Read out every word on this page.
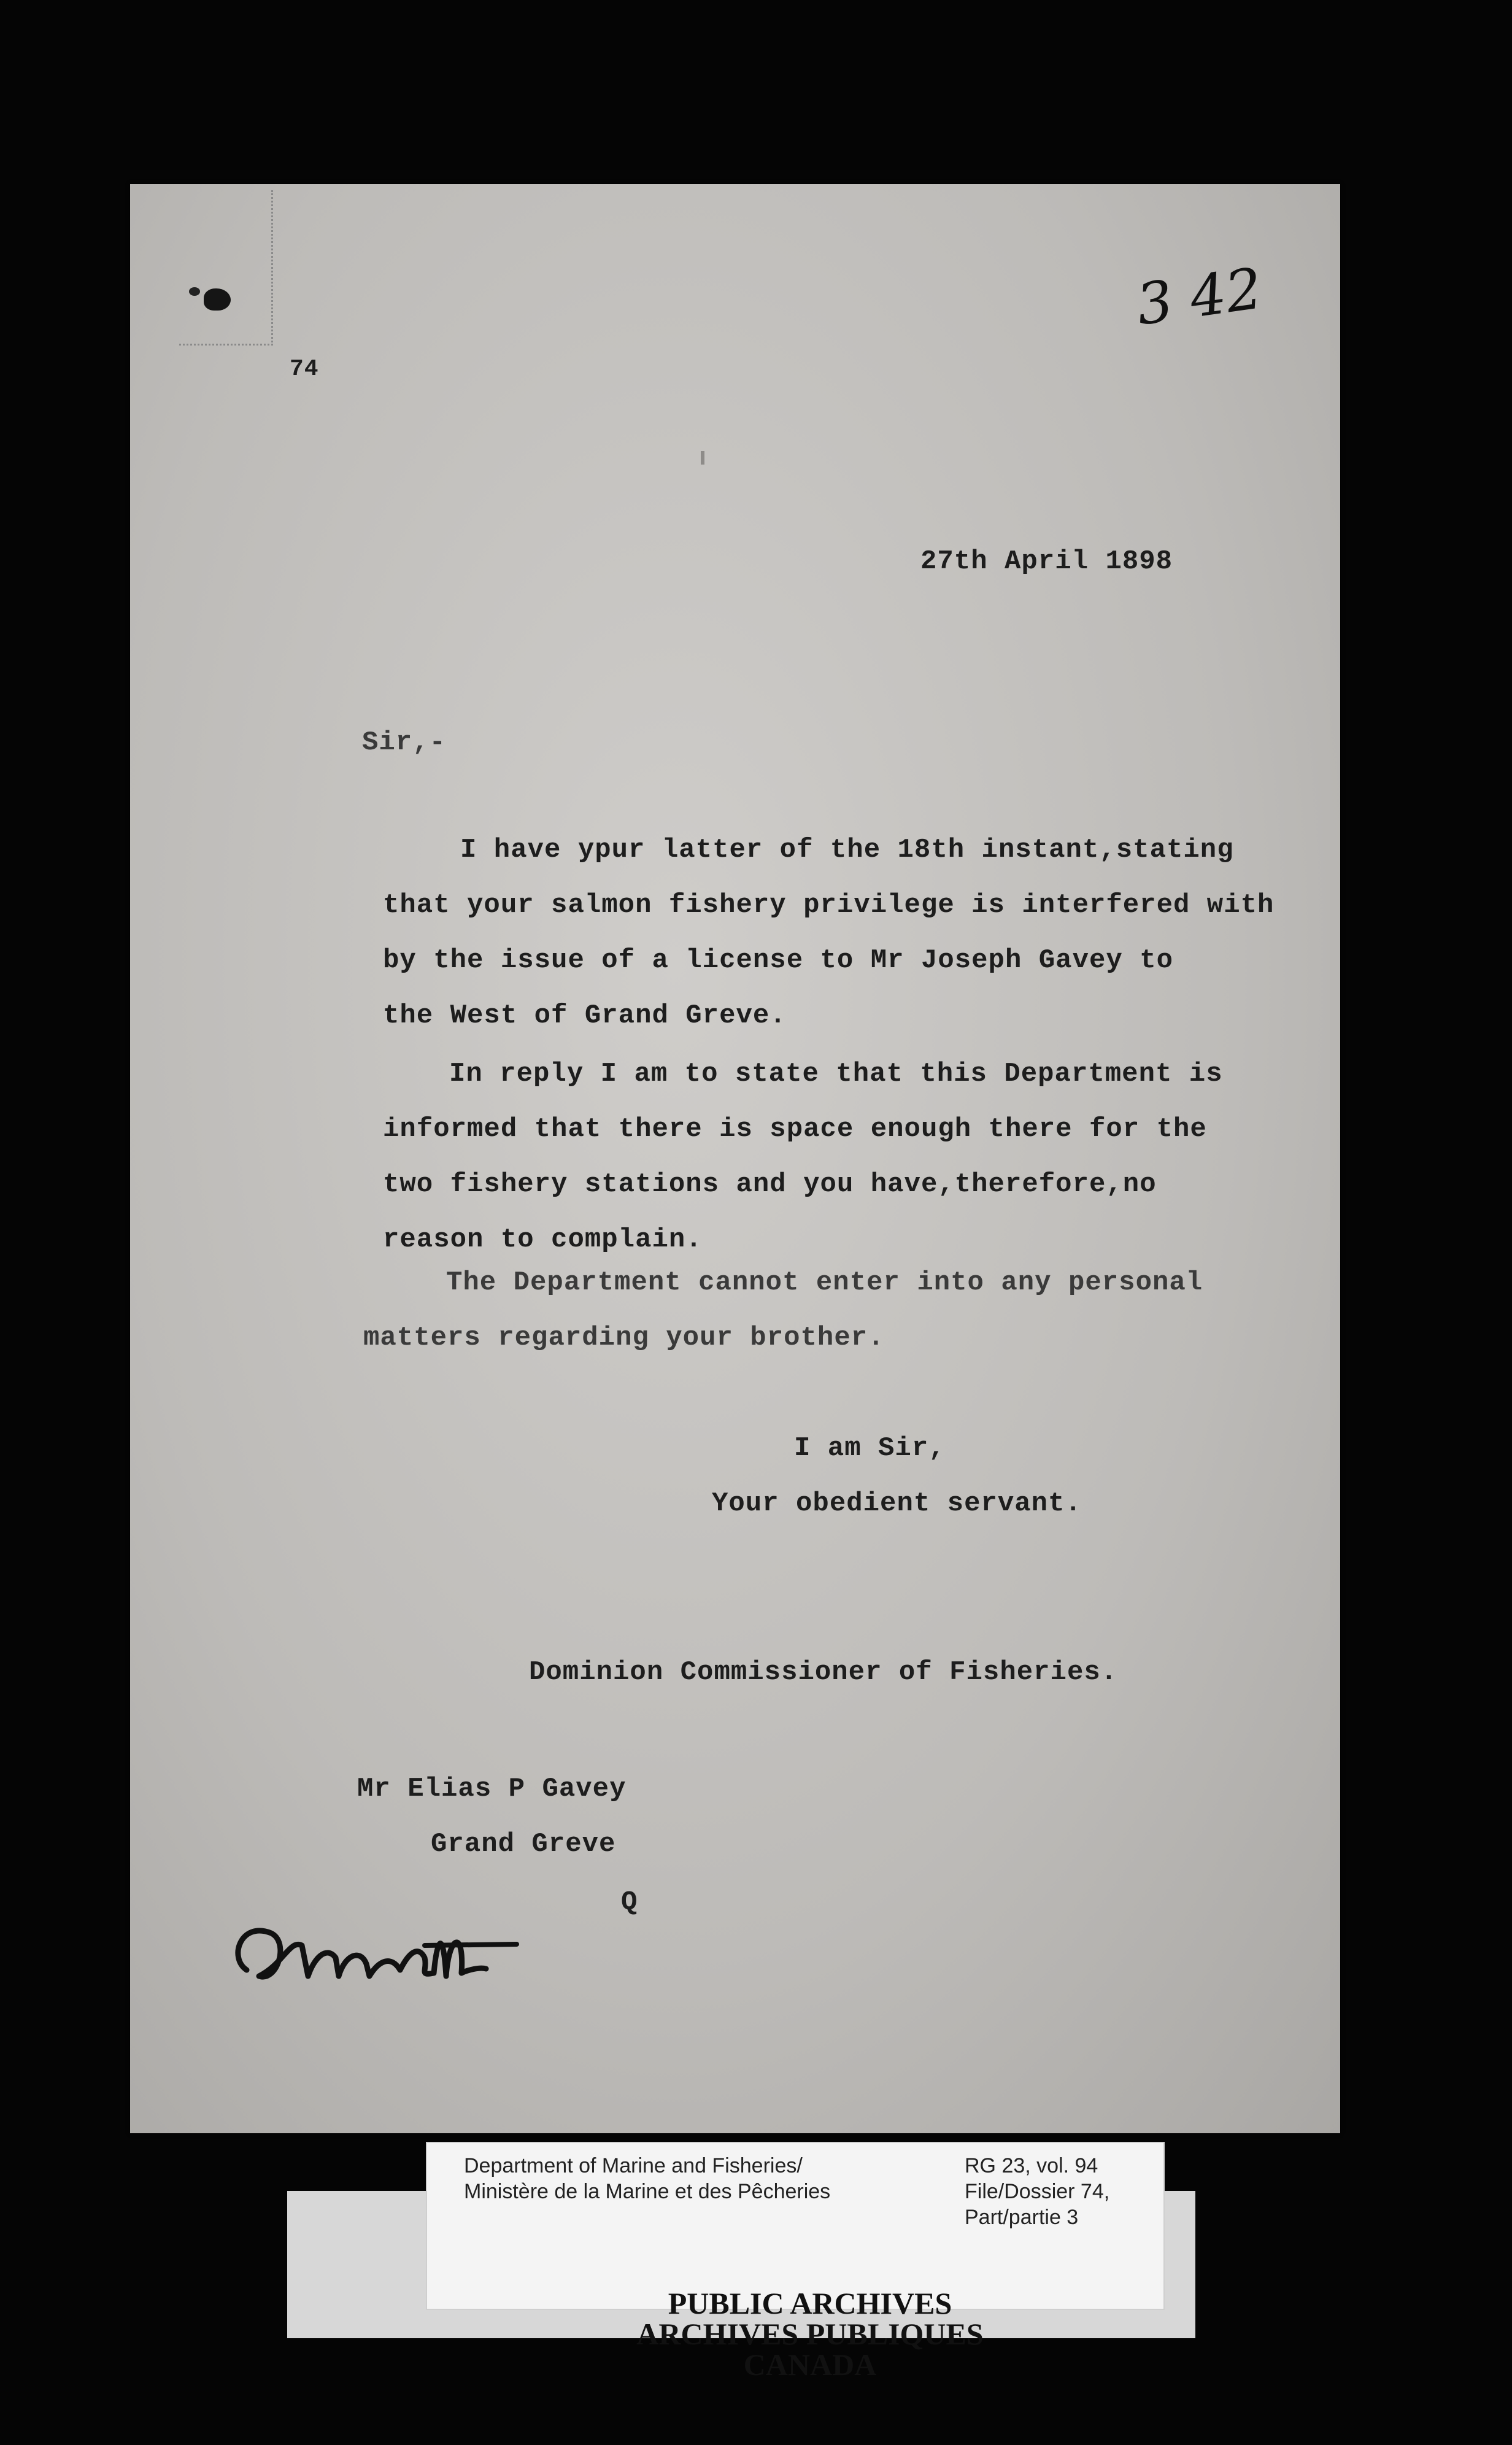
74
3 42
27th April 1898
Sir,-
I have ypur latter of the 18th instant,stating
that your salmon fishery privilege is interfered with
by the issue of a license to Mr Joseph Gavey to
the West of Grand Greve.
In reply I am to state that this Department is
informed that there is space enough there for the
two fishery stations and you have,therefore,no
reason to complain.
The Department cannot enter into any personal
matters regarding your brother.
I am Sir,
Your obedient servant.
Dominion Commissioner of Fisheries.
Mr Elias P Gavey
Grand Greve
Q
Department of Marine and Fisheries/
Ministère de la Marine et des Pêcheries
RG 23, vol. 94
File/Dossier 74,
Part/partie 3
PUBLIC ARCHIVES
ARCHIVES PUBLIQUES
CANADA
